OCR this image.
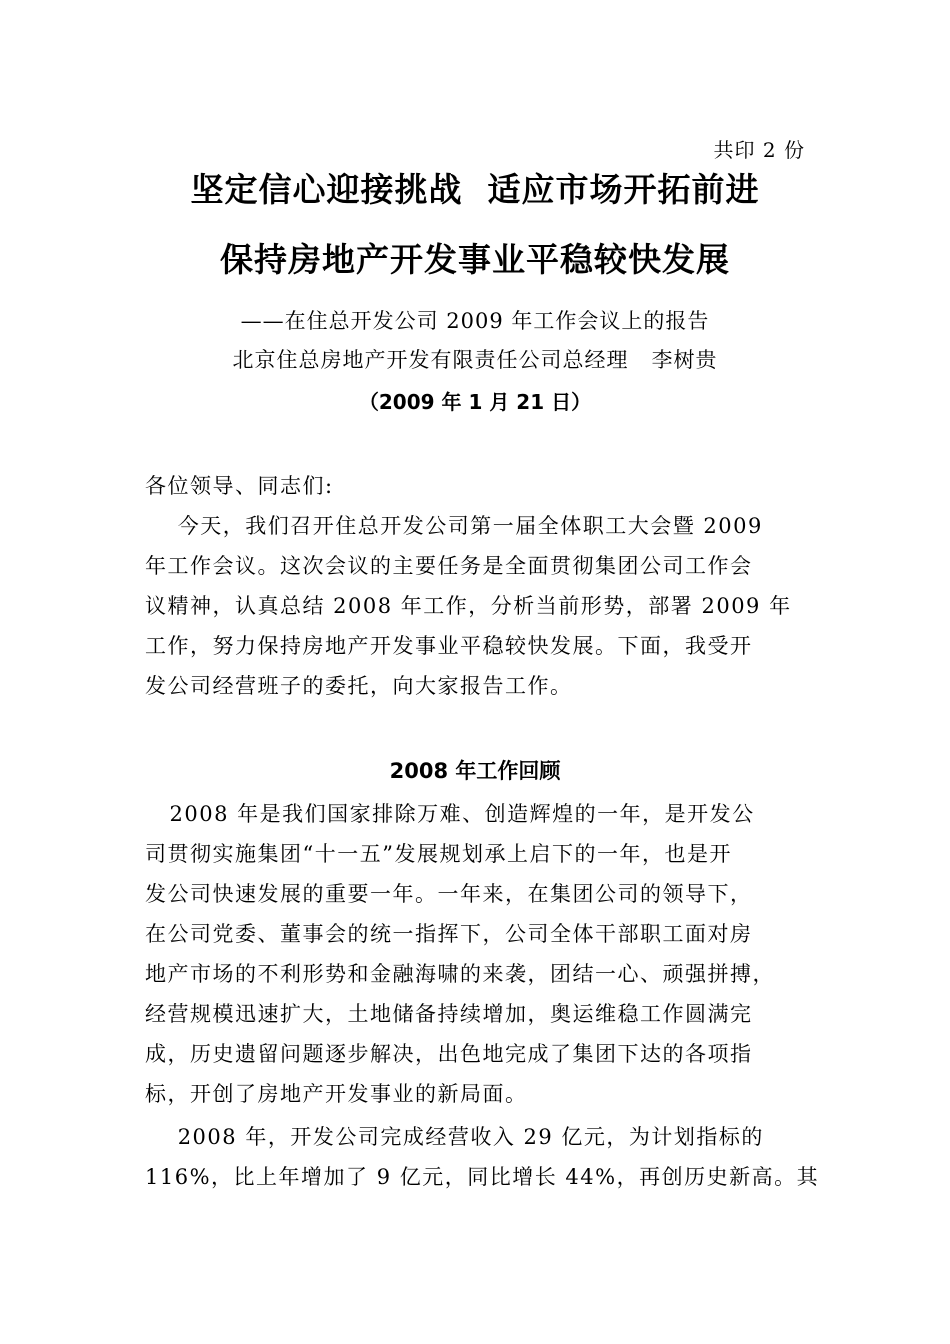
共印 2 份
坚定信心迎接挑战  适应市场开拓前进
保持房地产开发事业平稳较快发展
——在住总开发公司 2009 年工作会议上的报告
北京住总房地产开发有限责任公司总经理   李树贵
（2009 年 1 月 21 日）
各位领导、同志们:
今天，我们召开住总开发公司第一届全体职工大会暨 2009
年工作会议。这次会议的主要任务是全面贯彻集团公司工作会
议精神，认真总结 2008 年工作，分析当前形势，部署 2009 年
工作，努力保持房地产开发事业平稳较快发展。下面，我受开
发公司经营班子的委托，向大家报告工作。
2008 年工作回顾
2008 年是我们国家排除万难、创造辉煌的一年，是开发公
司贯彻实施集团“十一五”发展规划承上启下的一年，也是开
发公司快速发展的重要一年。一年来，在集团公司的领导下，
在公司党委、董事会的统一指挥下，公司全体干部职工面对房
地产市场的不利形势和金融海啸的来袭，团结一心、顽强拼搏，
经营规模迅速扩大，土地储备持续增加，奥运维稳工作圆满完
成，历史遗留问题逐步解决，出色地完成了集团下达的各项指
标，开创了房地产开发事业的新局面。
2008 年，开发公司完成经营收入 29 亿元，为计划指标的
116%，比上年增加了 9 亿元，同比增长 44%，再创历史新高。其
